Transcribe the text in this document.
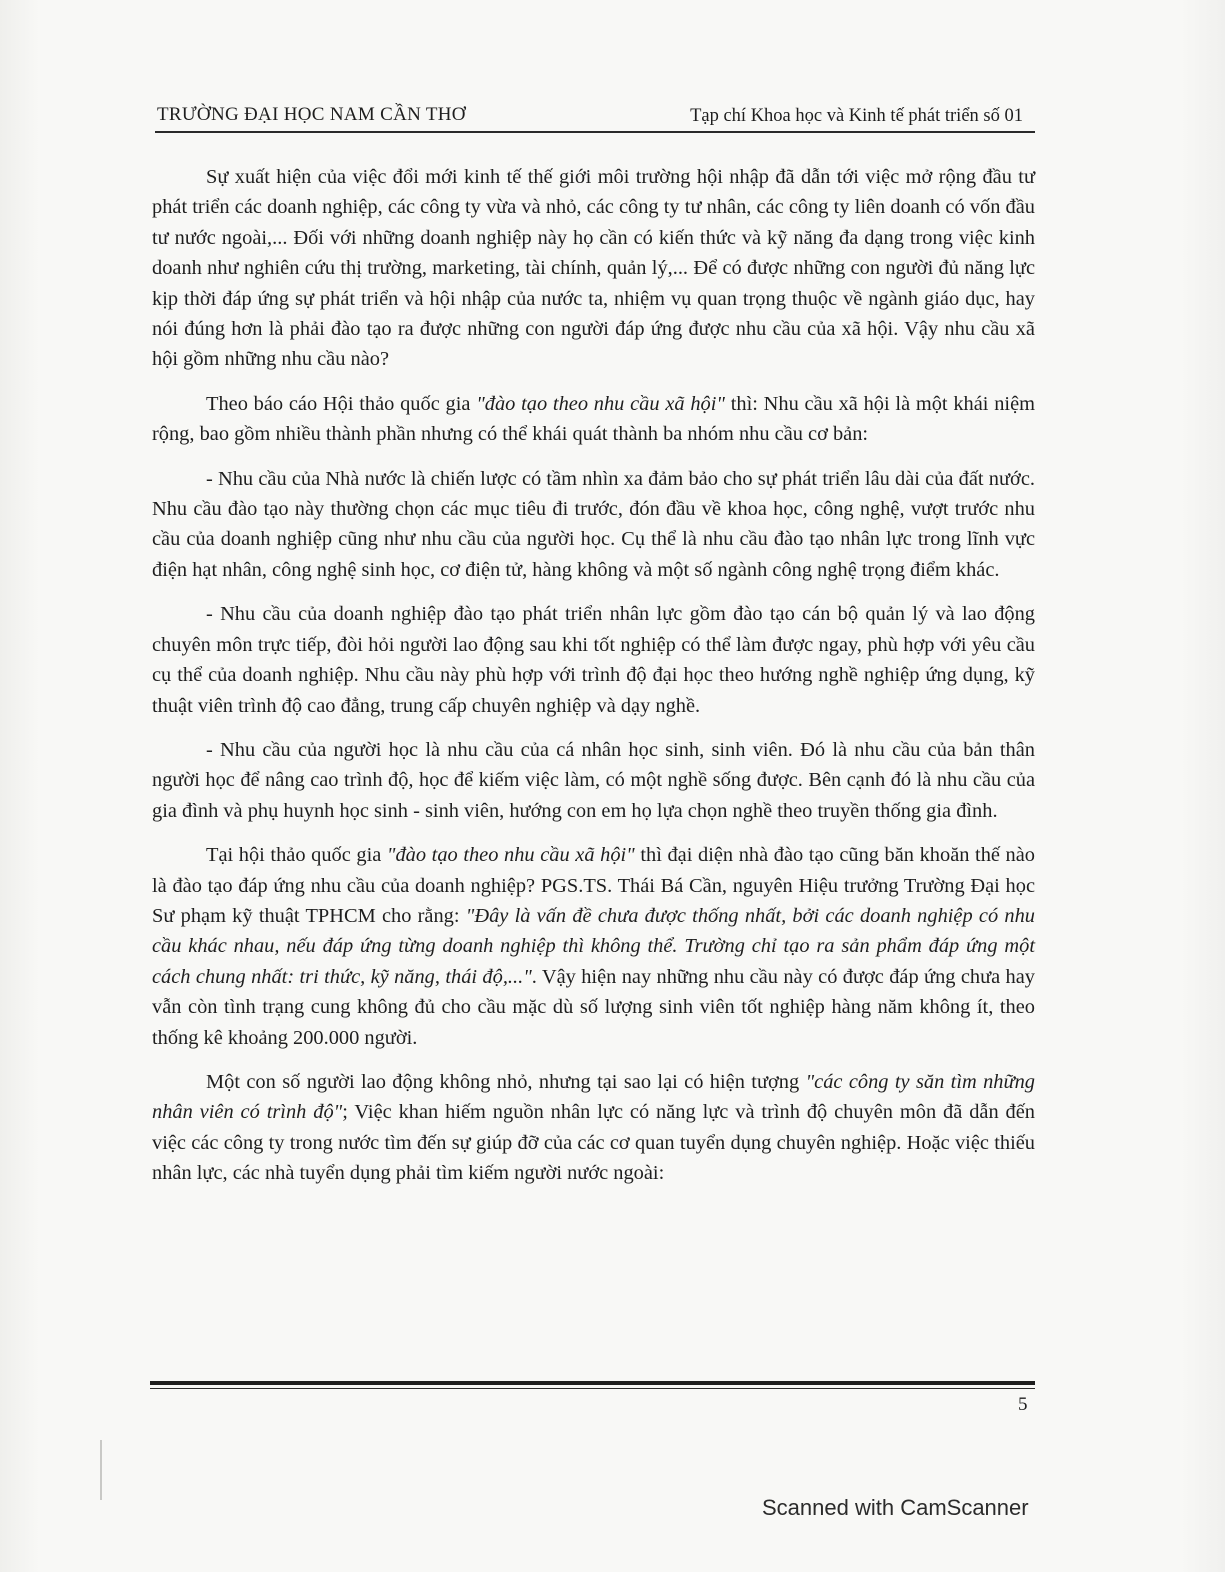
TRƯỜNG ĐẠI HỌC NAM CẦN THƠ	Tạp chí Khoa học và Kinh tế phát triển số 01

Sự xuất hiện của việc đổi mới kinh tế thế giới môi trường hội nhập đã dẫn tới việc mở rộng đầu tư phát triển các doanh nghiệp, các công ty vừa và nhỏ, các công ty tư nhân, các công ty liên doanh có vốn đầu tư nước ngoài,... Đối với những doanh nghiệp này họ cần có kiến thức và kỹ năng đa dạng trong việc kinh doanh như nghiên cứu thị trường, marketing, tài chính, quản lý,... Để có được những con người đủ năng lực kịp thời đáp ứng sự phát triển và hội nhập của nước ta, nhiệm vụ quan trọng thuộc về ngành giáo dục, hay nói đúng hơn là phải đào tạo ra được những con người đáp ứng được nhu cầu của xã hội. Vậy nhu cầu xã hội gồm những nhu cầu nào?

Theo báo cáo Hội thảo quốc gia "đào tạo theo nhu cầu xã hội" thì: Nhu cầu xã hội là một khái niệm rộng, bao gồm nhiều thành phần nhưng có thể khái quát thành ba nhóm nhu cầu cơ bản:

- Nhu cầu của Nhà nước là chiến lược có tầm nhìn xa đảm bảo cho sự phát triển lâu dài của đất nước. Nhu cầu đào tạo này thường chọn các mục tiêu đi trước, đón đầu về khoa học, công nghệ, vượt trước nhu cầu của doanh nghiệp cũng như nhu cầu của người học. Cụ thể là nhu cầu đào tạo nhân lực trong lĩnh vực điện hạt nhân, công nghệ sinh học, cơ điện tử, hàng không và một số ngành công nghệ trọng điểm khác.

- Nhu cầu của doanh nghiệp đào tạo phát triển nhân lực gồm đào tạo cán bộ quản lý và lao động chuyên môn trực tiếp, đòi hỏi người lao động sau khi tốt nghiệp có thể làm được ngay, phù hợp với yêu cầu cụ thể của doanh nghiệp. Nhu cầu này phù hợp với trình độ đại học theo hướng nghề nghiệp ứng dụng, kỹ thuật viên trình độ cao đẳng, trung cấp chuyên nghiệp và dạy nghề.

- Nhu cầu của người học là nhu cầu của cá nhân học sinh, sinh viên. Đó là nhu cầu của bản thân người học để nâng cao trình độ, học để kiếm việc làm, có một nghề sống được. Bên cạnh đó là nhu cầu của gia đình và phụ huynh học sinh - sinh viên, hướng con em họ lựa chọn nghề theo truyền thống gia đình.

Tại hội thảo quốc gia "đào tạo theo nhu cầu xã hội" thì đại diện nhà đào tạo cũng băn khoăn thế nào là đào tạo đáp ứng nhu cầu của doanh nghiệp? PGS.TS. Thái Bá Cần, nguyên Hiệu trưởng Trường Đại học Sư phạm kỹ thuật TPHCM cho rằng: "Đây là vấn đề chưa được thống nhất, bởi các doanh nghiệp có nhu cầu khác nhau, nếu đáp ứng từng doanh nghiệp thì không thể. Trường chỉ tạo ra sản phẩm đáp ứng một cách chung nhất: tri thức, kỹ năng, thái độ,...". Vậy hiện nay những nhu cầu này có được đáp ứng chưa hay vẫn còn tình trạng cung không đủ cho cầu mặc dù số lượng sinh viên tốt nghiệp hàng năm không ít, theo thống kê khoảng 200.000 người.

Một con số người lao động không nhỏ, nhưng tại sao lại có hiện tượng "các công ty săn tìm những nhân viên có trình độ"; Việc khan hiếm nguồn nhân lực có năng lực và trình độ chuyên môn đã dẫn đến việc các công ty trong nước tìm đến sự giúp đỡ của các cơ quan tuyển dụng chuyên nghiệp. Hoặc việc thiếu nhân lực, các nhà tuyển dụng phải tìm kiếm người nước ngoài:

5
Scanned with CamScanner
